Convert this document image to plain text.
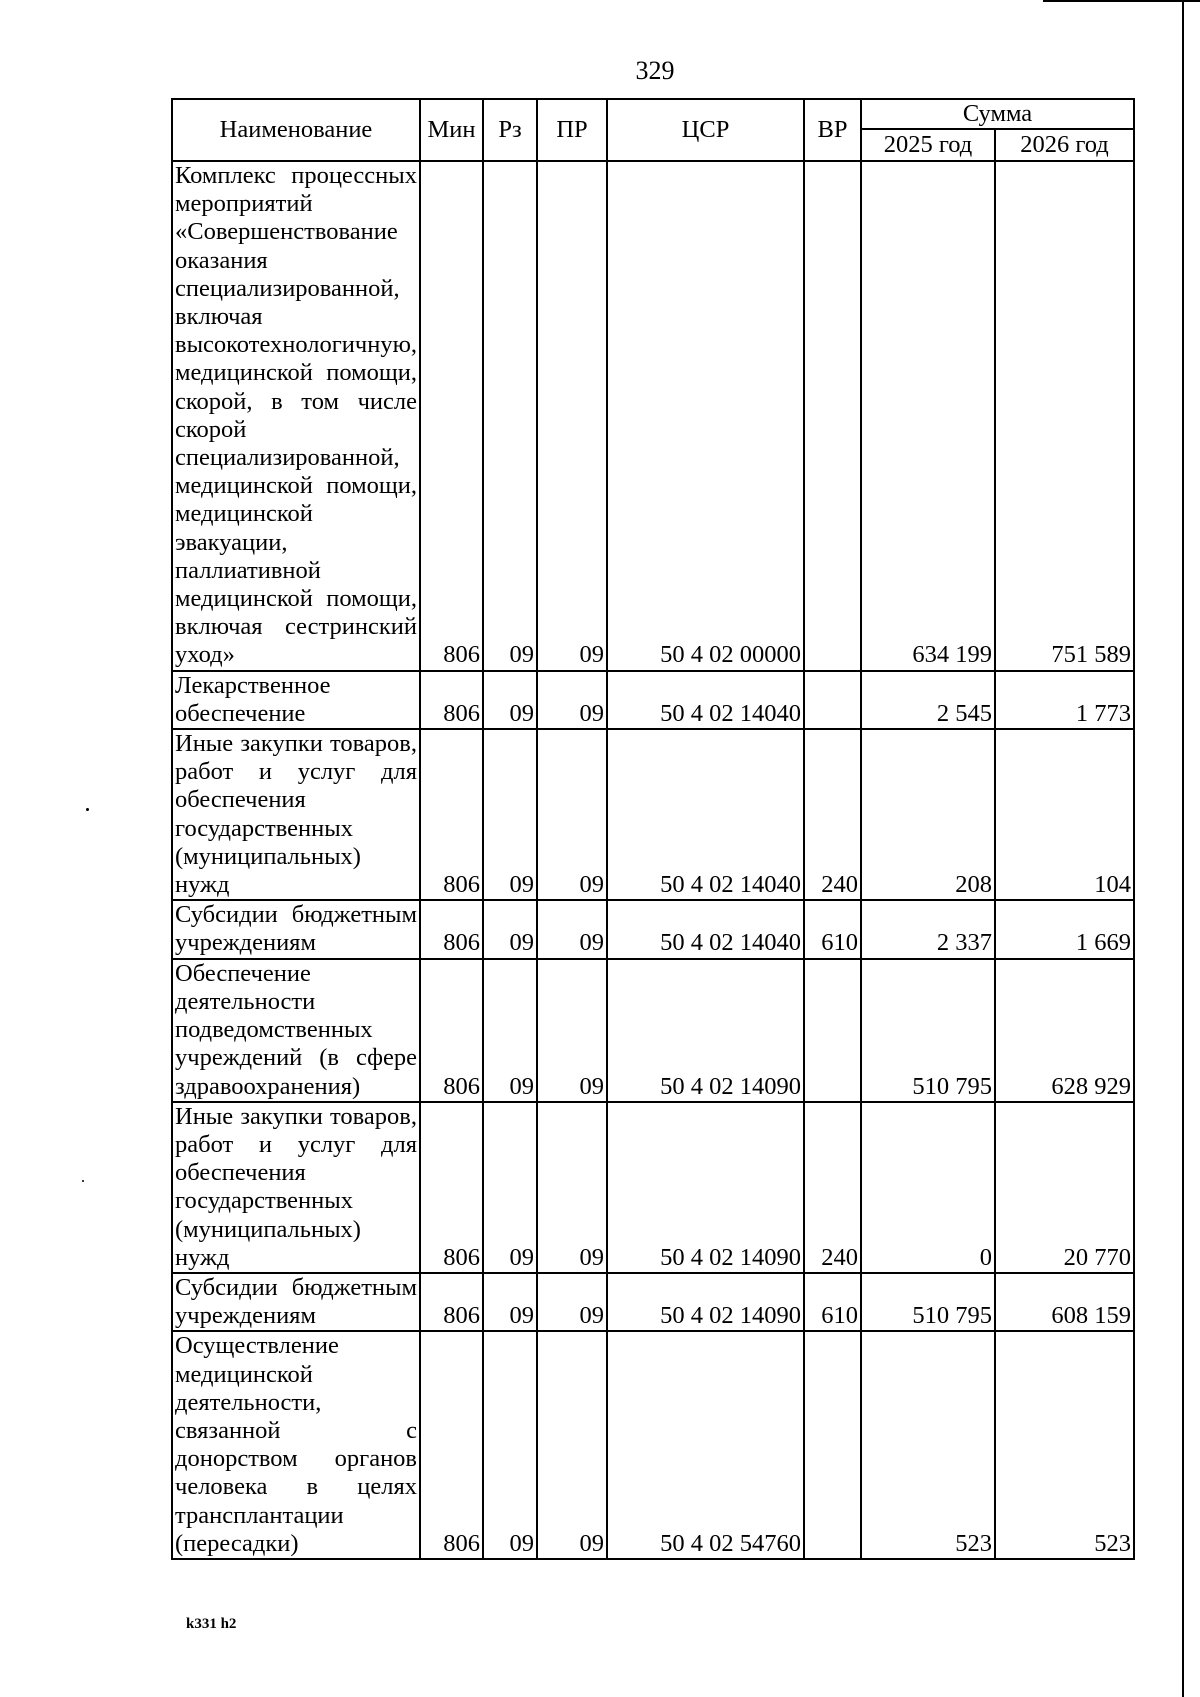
329
Наименование	Мин	Рз	ПР	ЦСР	ВР	Сумма	
						2025 год	2026 год
Комплекс процессных мероприятий «Совершенствование оказания специализированной, включая высокотехнологичную, медицинской помощи, скорой, в том числе скорой специализированной, медицинской помощи, медицинской эвакуации, паллиативной медицинской помощи, включая сестринский уход»	806	09	09	50 4 02 00000		634 199	751 589
Лекарственное обеспечение	806	09	09	50 4 02 14040		2 545	1 773
Иные закупки товаров, работ и услуг для обеспечения государственных (муниципальных) нужд	806	09	09	50 4 02 14040	240	208	104
Субсидии бюджетным учреждениям	806	09	09	50 4 02 14040	610	2 337	1 669
Обеспечение деятельности подведомственных учреждений (в сфере здравоохранения)	806	09	09	50 4 02 14090		510 795	628 929
Иные закупки товаров, работ и услуг для обеспечения государственных (муниципальных) нужд	806	09	09	50 4 02 14090	240	0	20 770
Субсидии бюджетным учреждениям	806	09	09	50 4 02 14090	610	510 795	608 159
Осуществление медицинской деятельности, связанной с донорством органов человека в целях трансплантации (пересадки)	806	09	09	50 4 02 54760		523	523
k331 h2
